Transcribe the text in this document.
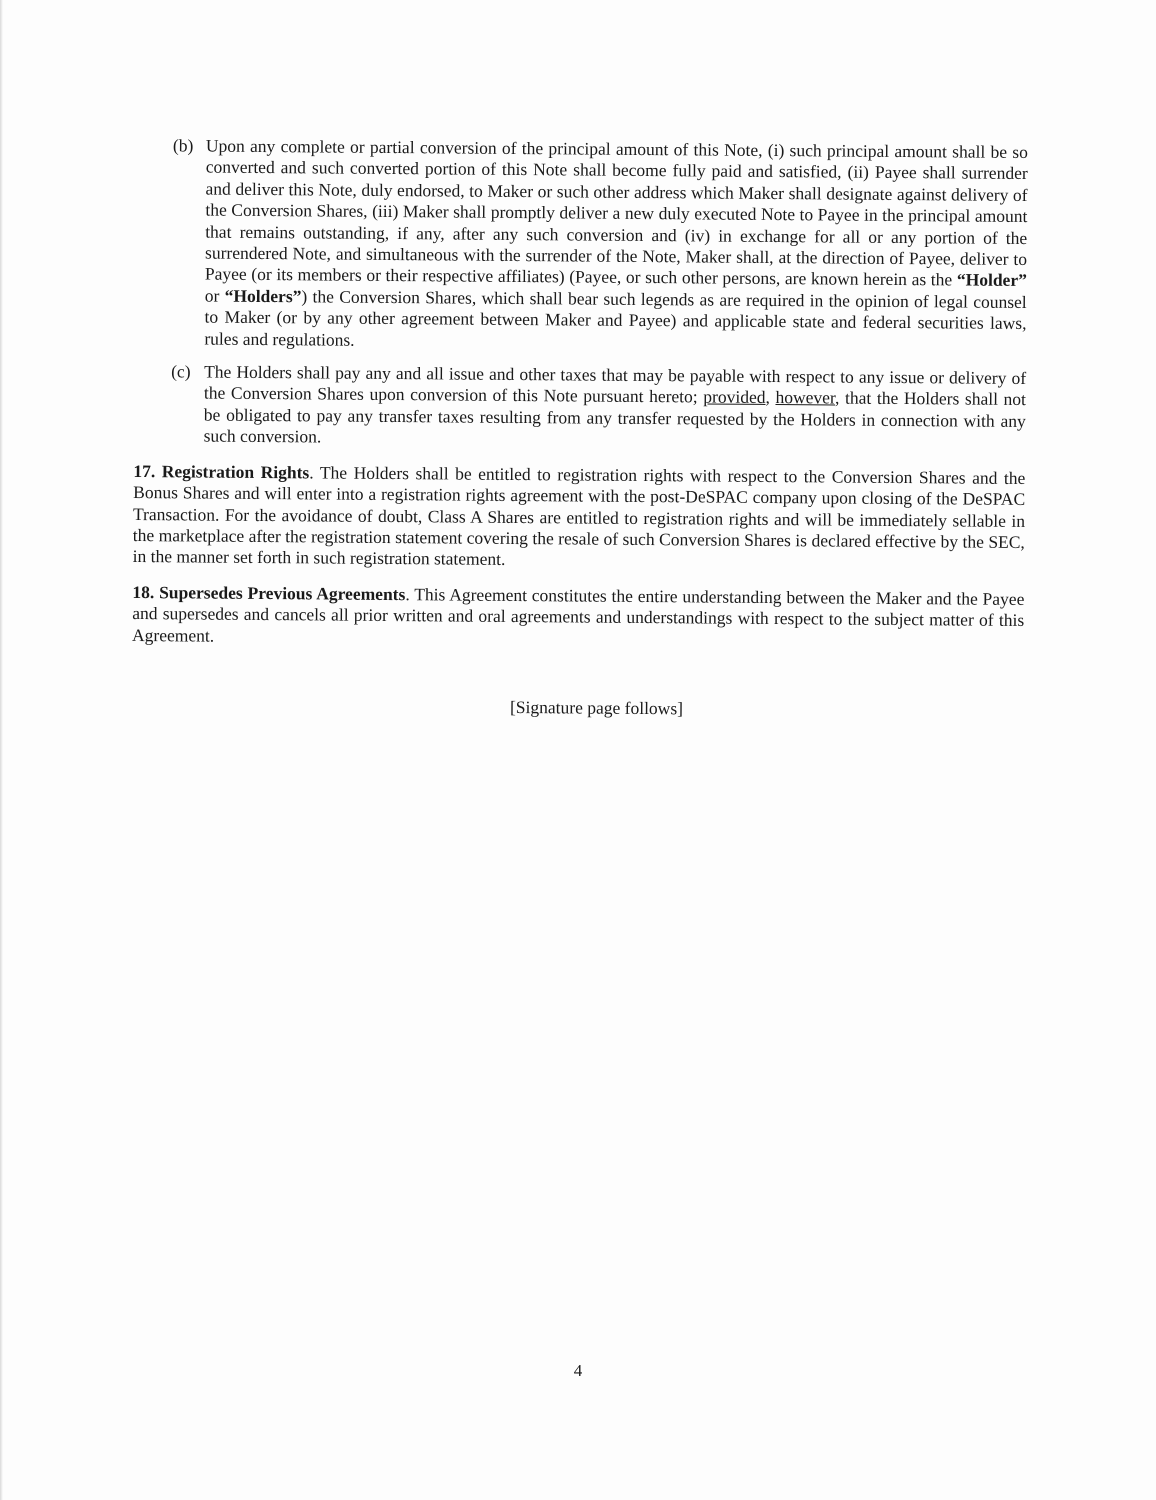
(b) Upon any complete or partial conversion of the principal amount of this Note, (i) such principal amount shall be so converted and such converted portion of this Note shall become fully paid and satisfied, (ii) Payee shall surrender and deliver this Note, duly endorsed, to Maker or such other address which Maker shall designate against delivery of the Conversion Shares, (iii) Maker shall promptly deliver a new duly executed Note to Payee in the principal amount that remains outstanding, if any, after any such conversion and (iv) in exchange for all or any portion of the surrendered Note, and simultaneous with the surrender of the Note, Maker shall, at the direction of Payee, deliver to Payee (or its members or their respective affiliates) (Payee, or such other persons, are known herein as the “Holder” or “Holders”) the Conversion Shares, which shall bear such legends as are required in the opinion of legal counsel to Maker (or by any other agreement between Maker and Payee) and applicable state and federal securities laws, rules and regulations.
(c) The Holders shall pay any and all issue and other taxes that may be payable with respect to any issue or delivery of the Conversion Shares upon conversion of this Note pursuant hereto; provided, however, that the Holders shall not be obligated to pay any transfer taxes resulting from any transfer requested by the Holders in connection with any such conversion.
17. Registration Rights. The Holders shall be entitled to registration rights with respect to the Conversion Shares and the Bonus Shares and will enter into a registration rights agreement with the post-DeSPAC company upon closing of the DeSPAC Transaction. For the avoidance of doubt, Class A Shares are entitled to registration rights and will be immediately sellable in the marketplace after the registration statement covering the resale of such Conversion Shares is declared effective by the SEC, in the manner set forth in such registration statement.
18. Supersedes Previous Agreements. This Agreement constitutes the entire understanding between the Maker and the Payee and supersedes and cancels all prior written and oral agreements and understandings with respect to the subject matter of this Agreement.
[Signature page follows]
4
